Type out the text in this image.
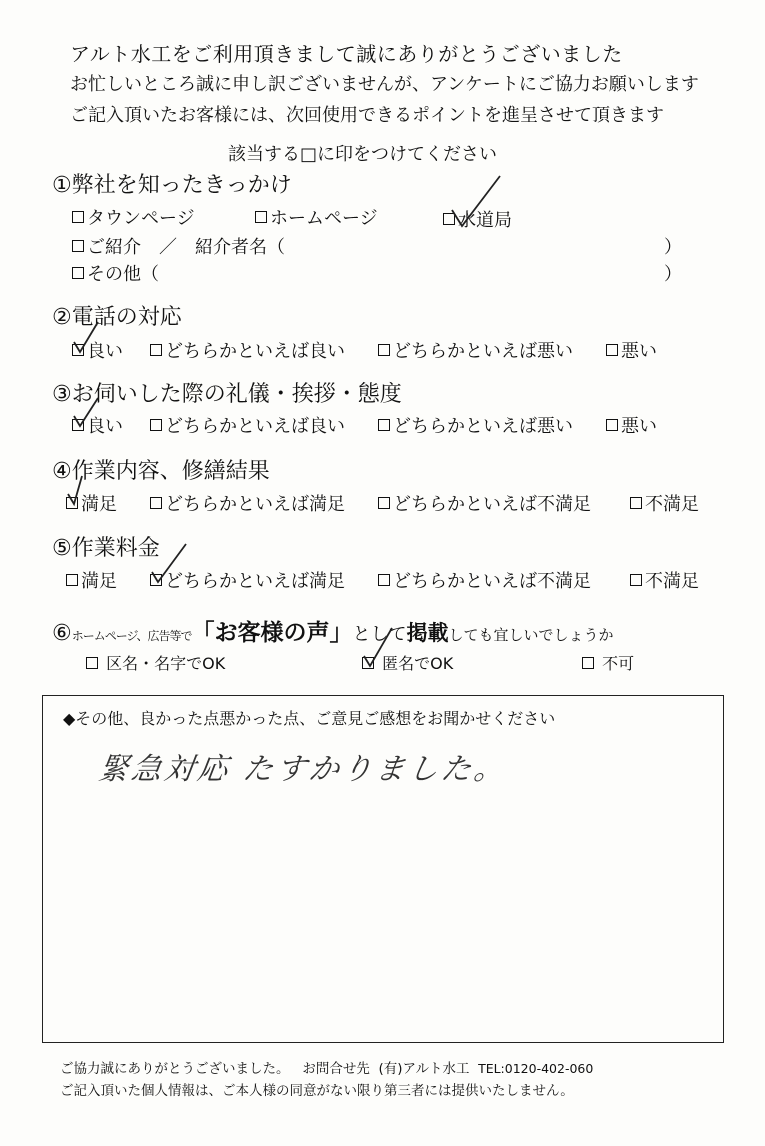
アルト水工をご利用頂きまして誠にありがとうございました
お忙しいところ誠に申し訳ございませんが、アンケートにご協力お願いします
ご記入頂いたお客様には、次回使用できるポイントを進呈させて頂きます
該当する□に印をつけてください
①弊社を知ったきっかけ
タウンページ	ホームページ	水道局
ご紹介　／　紹介者名（	）
その他（	）
②電話の対応
良い どちらかといえば良い	どちらかといえば悪い	悪い
③お伺いした際の礼儀・挨拶・態度
良い どちらかといえば良い	どちらかといえば悪い	悪い
④作業内容、修繕結果
満足	どちらかといえば満足	どちらかといえば不満足	不満足
⑤作業料金
満足	どちらかといえば満足	どちらかといえば不満足	不満足
⑥ホームページ、広告等で「お客様の声」として掲載しても宜しいでしょうか

区名・名字でOK
	匿名でOK
	不可
◆その他、良かった点悪かった点、ご意見ご感想をお聞かせください
緊急対応 たすかりました。
ご協力誠にありがとうございました。 お問合せ先 (有)アルト水工 TEL:0120-402-060
ご記入頂いた個人情報は、ご本人様の同意がない限り第三者には提供いたしません。
